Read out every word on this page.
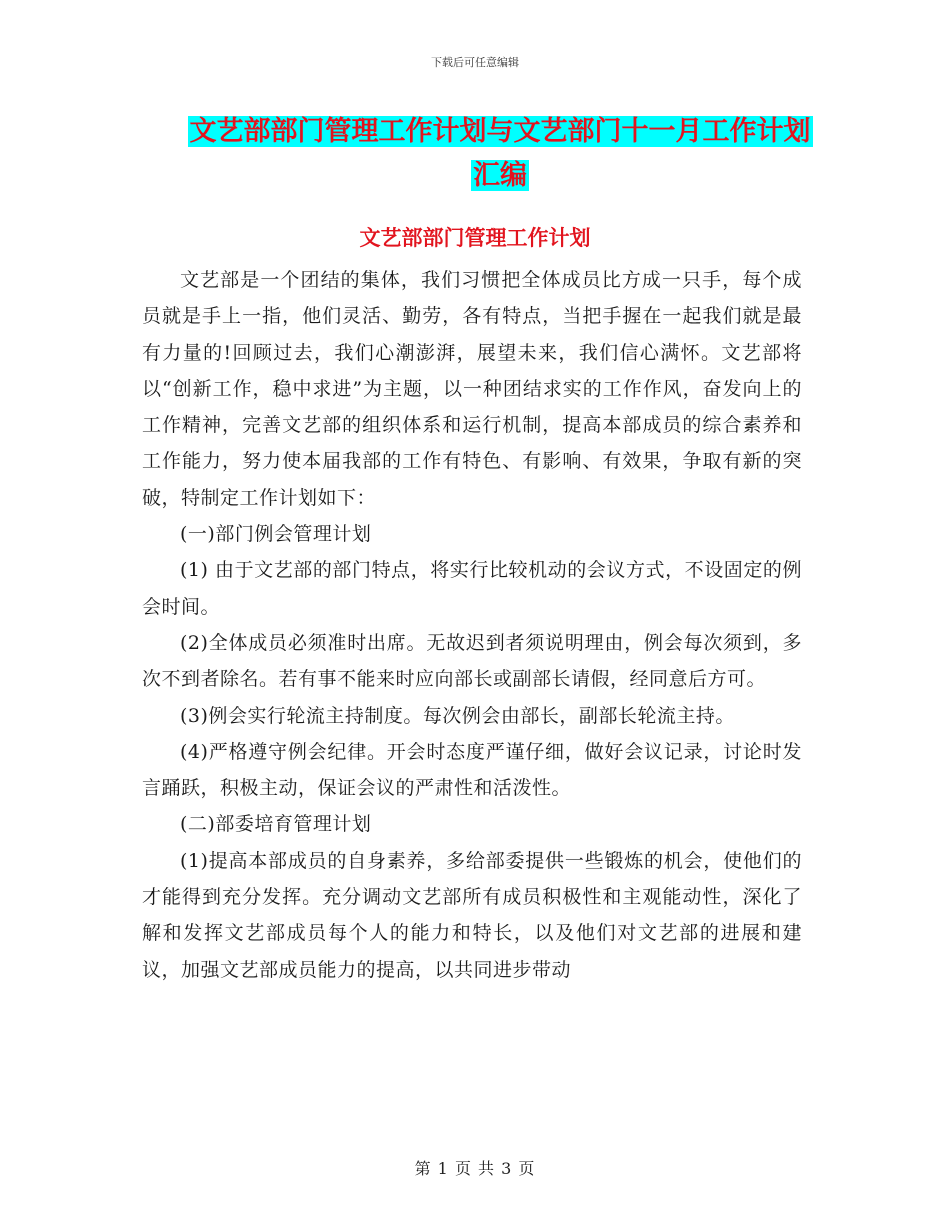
下载后可任意编辑
文艺部部门管理工作计划与文艺部门十一月工作计划
汇编
文艺部部门管理工作计划

文艺部是一个团结的集体，我们习惯把全体成员比方成一只手，每个成员就是手上一指，他们灵活、勤劳，各有特点，当把手握在一起我们就是最有力量的!回顾过去，我们心潮澎湃，展望未来，我们信心满怀。文艺部将以“创新工作，稳中求进”为主题，以一种团结求实的工作作风，奋发向上的工作精神，完善文艺部的组织体系和运行机制，提高本部成员的综合素养和工作能力，努力使本届我部的工作有特色、有影响、有效果，争取有新的突破，特制定工作计划如下：

(一)部门例会管理计划

(1) 由于文艺部的部门特点，将实行比较机动的会议方式，不设固定的例会时间。

(2)全体成员必须准时出席。无故迟到者须说明理由，例会每次须到，多次不到者除名。若有事不能来时应向部长或副部长请假，经同意后方可。

(3)例会实行轮流主持制度。每次例会由部长，副部长轮流主持。

(4)严格遵守例会纪律。开会时态度严谨仔细，做好会议记录，讨论时发言踊跃，积极主动，保证会议的严肃性和活泼性。

(二)部委培育管理计划

(1)提高本部成员的自身素养，多给部委提供一些锻炼的机会，使他们的才能得到充分发挥。充分调动文艺部所有成员积极性和主观能动性，深化了解和发挥文艺部成员每个人的能力和特长，以及他们对文艺部的进展和建议，加强文艺部成员能力的提高，以共同进步带动

第 1 页 共 3 页
